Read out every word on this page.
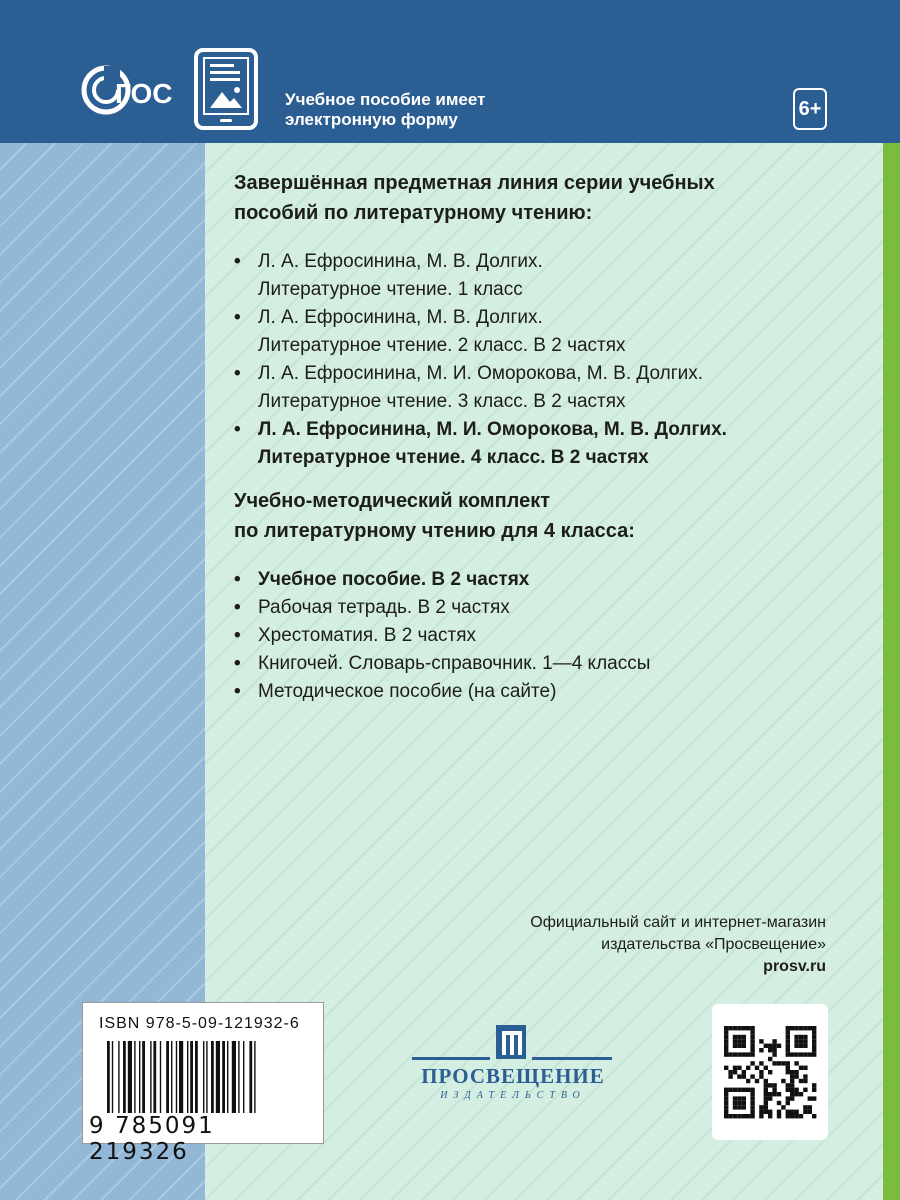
ГОС	Учебное пособие имеет
электронную форму	6+
Завершённая предметная линия серии учебных
пособий по литературному чтению:
• Л. А. Ефросинина, М. В. Долгих.
Литературное чтение. 1 класс
• Л. А. Ефросинина, М. В. Долгих.
Литературное чтение. 2 класс. В 2 частях
• Л. А. Ефросинина, М. И. Оморокова, М. В. Долгих.
Литературное чтение. 3 класс. В 2 частях
• Л. А. Ефросинина, М. И. Оморокова, М. В. Долгих.
Литературное чтение. 4 класс. В 2 частях
Учебно-методический комплект
по литературному чтению для 4 класса:
• Учебное пособие. В 2 частях
• Рабочая тетрадь. В 2 частях
• Хрестоматия. В 2 частях
• Книгочей. Словарь-справочник. 1—4 классы
• Методическое пособие (на сайте)
Официальный сайт и интернет-магазин
издательства «Просвещение»
prosv.ru
ISBN 978-5-09-121932-6
9 785091 219326
ПРОСВЕЩЕНИЕ
ИЗДАТЕЛЬСТВО
